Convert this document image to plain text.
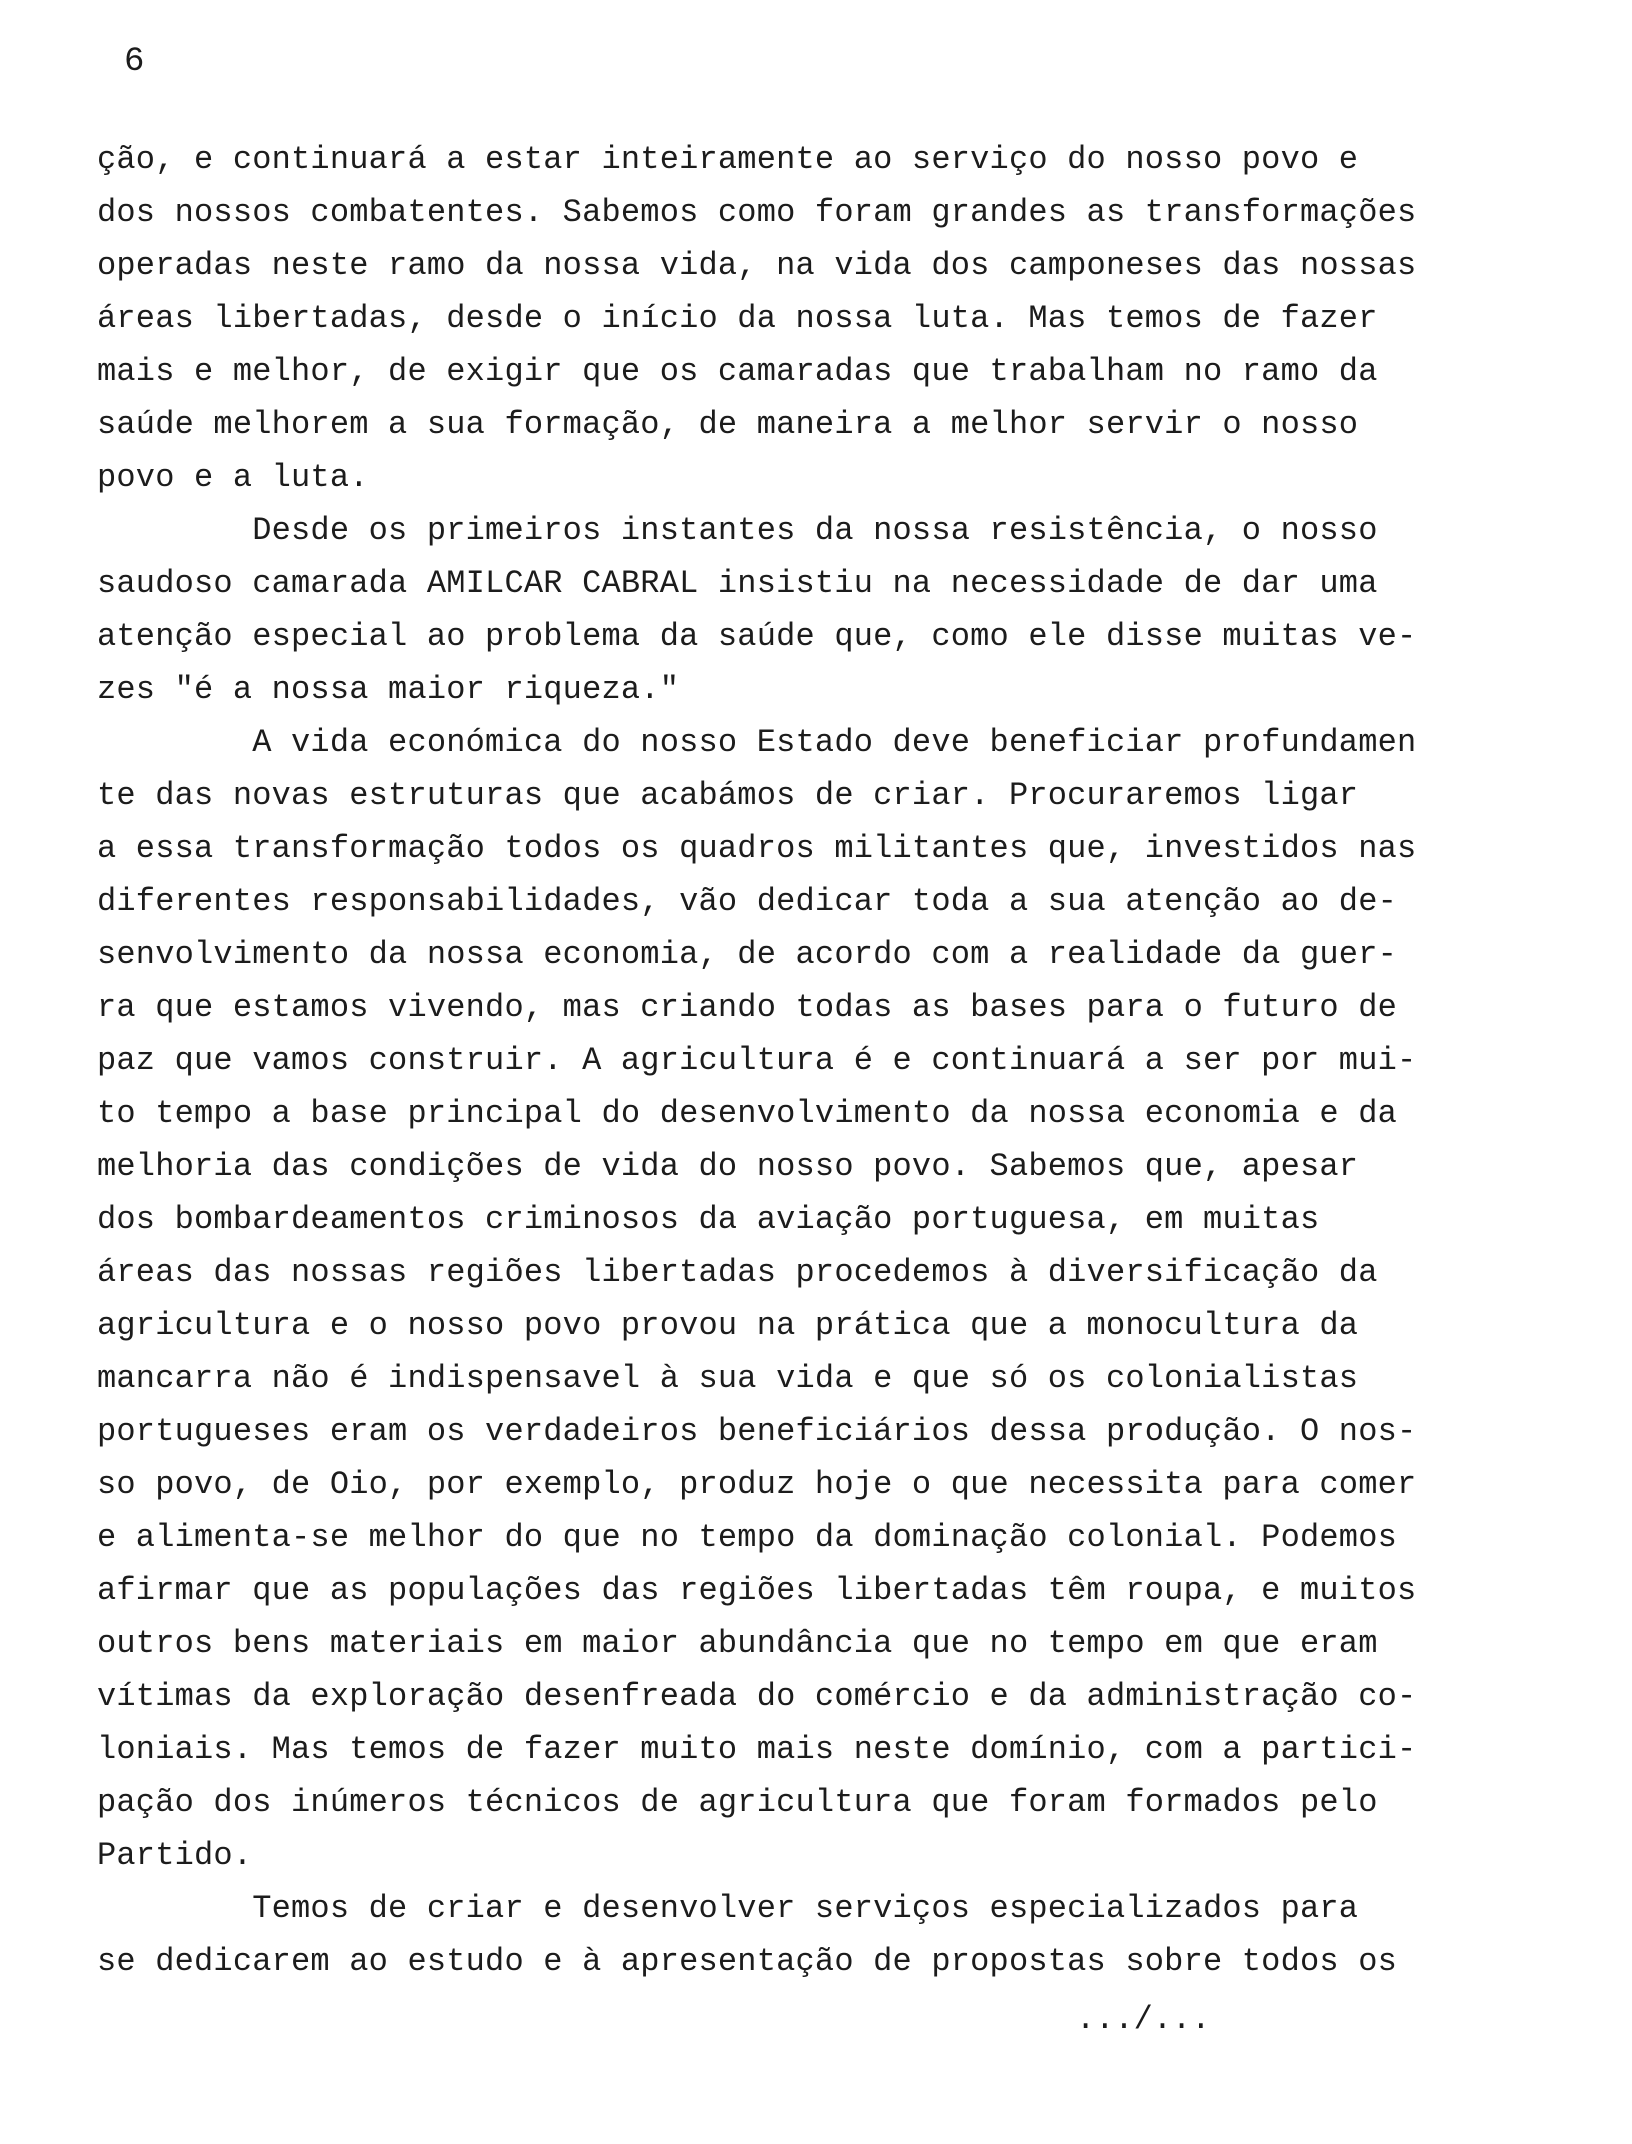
6
ção, e continuará a estar inteiramente ao serviço do nosso povo e
dos nossos combatentes. Sabemos como foram grandes as transformações
operadas neste ramo da nossa vida, na vida dos camponeses das nossas
áreas libertadas, desde o início da nossa luta. Mas temos de fazer
mais e melhor, de exigir que os camaradas que trabalham no ramo da
saúde melhorem a sua formação, de maneira a melhor servir o nosso
povo e a luta.
Desde os primeiros instantes da nossa resistência, o nosso
saudoso camarada AMILCAR CABRAL insistiu na necessidade de dar uma
atenção especial ao problema da saúde que, como ele disse muitas ve-
zes "é a nossa maior riqueza."
A vida económica do nosso Estado deve beneficiar profundamen
te das novas estruturas que acabámos de criar. Procuraremos ligar
a essa transformação todos os quadros militantes que, investidos nas
diferentes responsabilidades, vão dedicar toda a sua atenção ao de-
senvolvimento da nossa economia, de acordo com a realidade da guer-
ra que estamos vivendo, mas criando todas as bases para o futuro de
paz que vamos construir. A agricultura é e continuará a ser por mui-
to tempo a base principal do desenvolvimento da nossa economia e da
melhoria das condições de vida do nosso povo. Sabemos que, apesar
dos bombardeamentos criminosos da aviação portuguesa, em muitas
áreas das nossas regiões libertadas procedemos à diversificação da
agricultura e o nosso povo provou na prática que a monocultura da
mancarra não é indispensavel à sua vida e que só os colonialistas
portugueses eram os verdadeiros beneficiários dessa produção. O nos-
so povo, de Oio, por exemplo, produz hoje o que necessita para comer
e alimenta-se melhor do que no tempo da dominação colonial. Podemos
afirmar que as populações das regiões libertadas têm roupa, e muitos
outros bens materiais em maior abundância que no tempo em que eram
vítimas da exploração desenfreada do comércio e da administração co-
loniais. Mas temos de fazer muito mais neste domínio, com a partici-
pação dos inúmeros técnicos de agricultura que foram formados pelo
Partido.
Temos de criar e desenvolver serviços especializados para
se dedicarem ao estudo e à apresentação de propostas sobre todos os
.../...
